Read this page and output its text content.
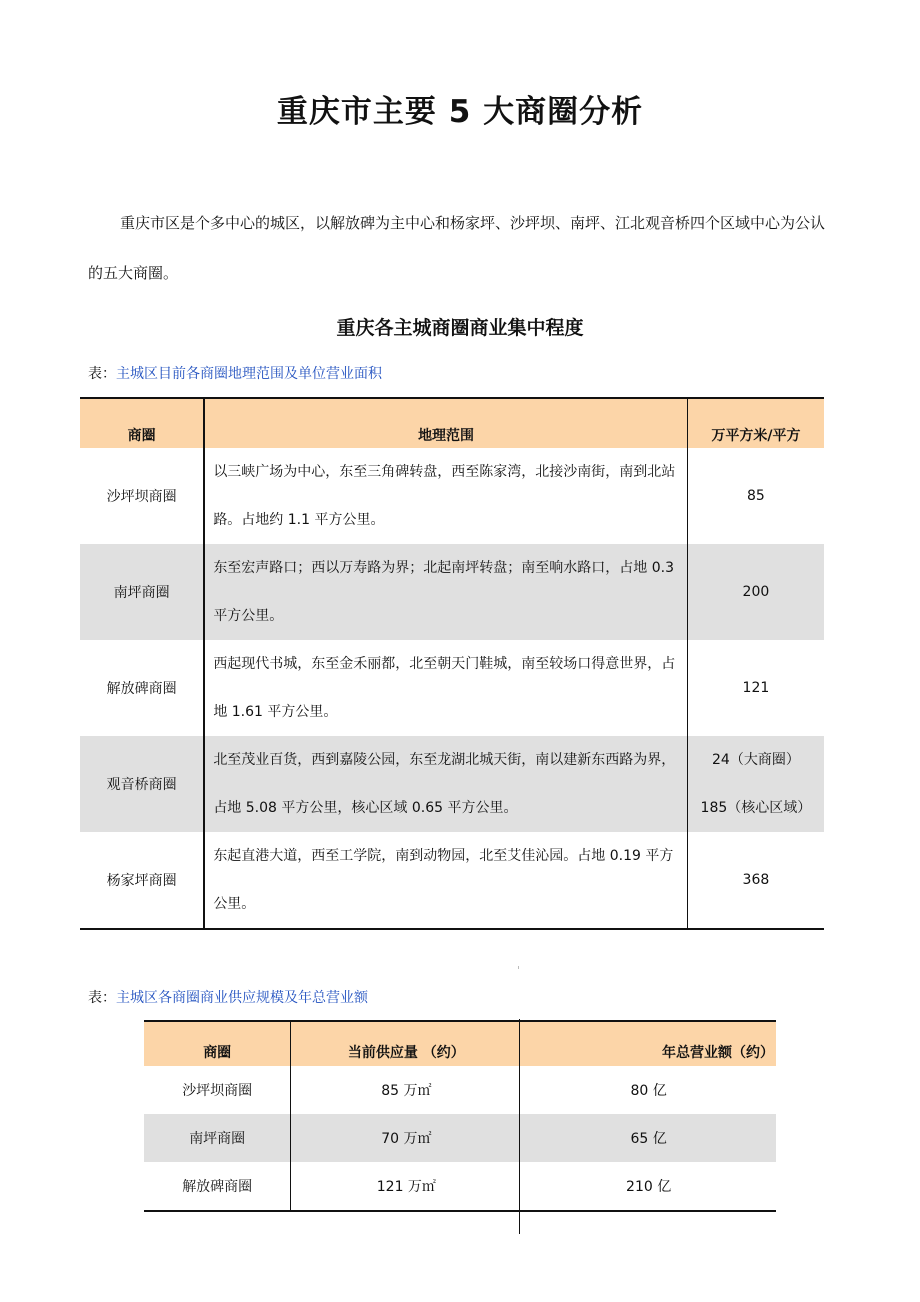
重庆市主要 5 大商圈分析

重庆市区是个多中心的城区，以解放碑为主中心和杨家坪、沙坪坝、南坪、江北观音桥四个区域中心为公认的五大商圈。

重庆各主城商圈商业集中程度

表：主城区目前各商圈地理范围及单位营业面积

商圈	地理范围	万平方米/平方
沙坪坝商圈	以三峡广场为中心，东至三角碑转盘，西至陈家湾，北接沙南街，南到北站路。占地约 1.1 平方公里。	85
南坪商圈	东至宏声路口；西以万寿路为界；北起南坪转盘；南至响水路口，占地 0.3 平方公里。	200
解放碑商圈	西起现代书城，东至金禾丽都，北至朝天门鞋城，南至较场口得意世界，占地 1.61 平方公里。	121
观音桥商圈	北至茂业百货，西到嘉陵公园，东至龙湖北城天街，南以建新东西路为界，占地 5.08 平方公里，核心区域 0.65 平方公里。	24（大商圈）
185（核心区域）

杨家坪商圈	东起直港大道，西至工学院，南到动物园，北至艾佳沁园。占地 0.19 平方公里。	368

表：主城区各商圈商业供应规模及年总营业额

商圈	当前供应量 （约）	年总营业额（约）
沙坪坝商圈	85 万㎡	80 亿
南坪商圈	70 万㎡	65 亿
解放碑商圈	121 万㎡	210 亿
